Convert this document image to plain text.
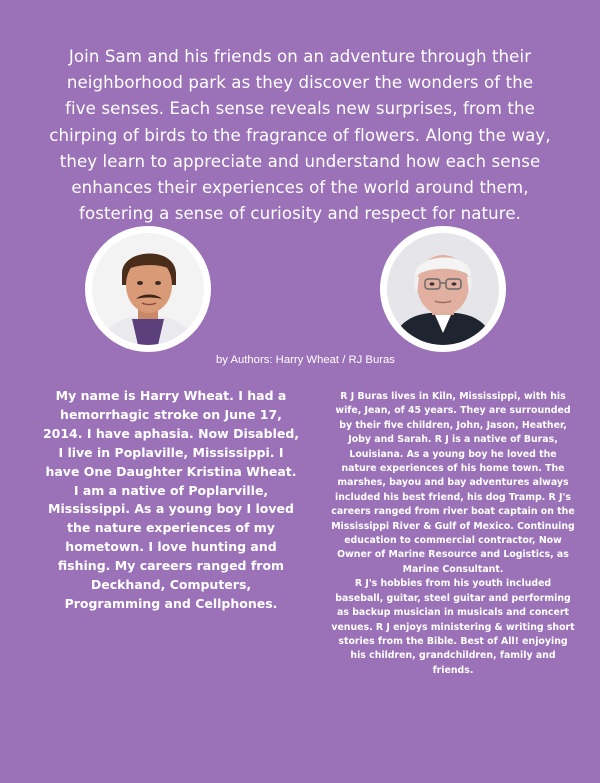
Join Sam and his friends on an adventure through their
neighborhood park as they discover the wonders of the
five senses. Each sense reveals new surprises, from the
chirping of birds to the fragrance of flowers. Along the way,
they learn to appreciate and understand how each sense
enhances their experiences of the world around them,
fostering a sense of curiosity and respect for nature.

by Authors: Harry Wheat / RJ Buras

My name is Harry Wheat. I had a
hemorrhagic stroke on June 17,
2014. I have aphasia. Now Disabled,
I live in Poplaville, Mississippi. I
have One Daughter Kristina Wheat.
I am a native of Poplarville,
Mississippi. As a young boy I loved
the nature experiences of my
hometown. I love hunting and
fishing. My careers ranged from
Deckhand, Computers,
Programming and Cellphones.

R J Buras lives in Kiln, Mississippi, with his
wife, Jean, of 45 years. They are surrounded
by their five children, John, Jason, Heather,
Joby and Sarah. R J is a native of Buras,
Louisiana. As a young boy he loved the
nature experiences of his home town. The
marshes, bayou and bay adventures always
included his best friend, his dog Tramp. R J's
careers ranged from river boat captain on the
Mississippi River & Gulf of Mexico. Continuing
education to commercial contractor, Now
Owner of Marine Resource and Logistics, as
Marine Consultant.
R J's hobbies from his youth included
baseball, guitar, steel guitar and performing
as backup musician in musicals and concert
venues. R J enjoys ministering & writing short
stories from the Bible. Best of All! enjoying
his children, grandchildren, family and
friends.
